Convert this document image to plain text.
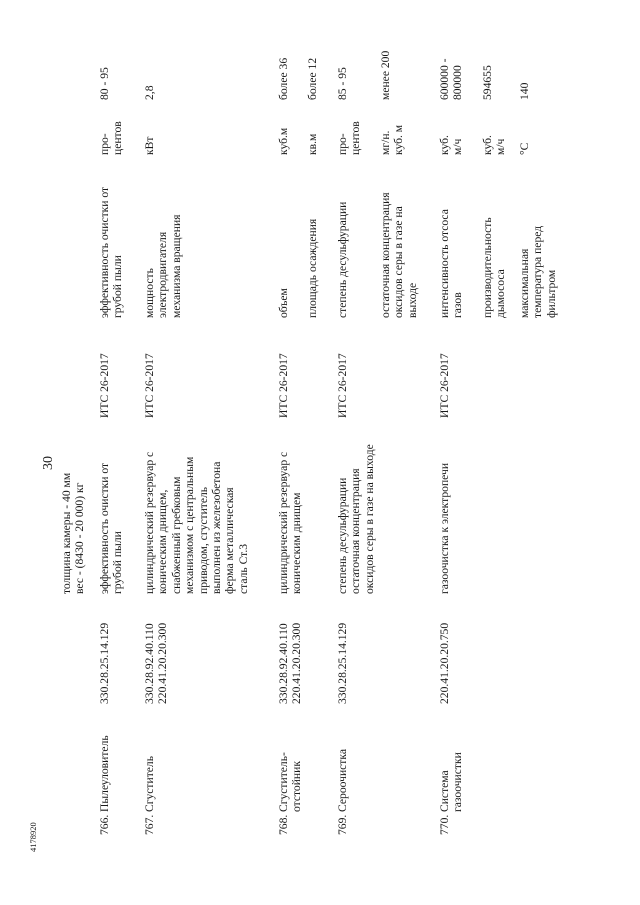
30
4178920
толщина камеры - 40 мм вес - (8430 - 20 000) кг
766.
Пылеуловитель
330.28.25.14.129
эффективность очистки от грубой пыли
ИТС 26-2017
эффективность очистки от грубой пыли
про- центов
80 - 95
767.
Сгуститель
330.28.92.40.110 220.41.20.20.300
цилиндрический резервуар с коническим днищем, снабженный гребковым механизмом с центральным приводом, сгуститель выполнен из железобетона ферма металлическая сталь Ст.3
ИТС 26-2017
мощность электродвигателя механизма вращения
кВт
2,8
768.
Сгуститель- отстойник
330.28.92.40.110 220.41.20.20.300
цилиндрический резервуар с коническим днищем
ИТС 26-2017
объем
куб.м
более 36
площадь осаждения
кв.м
более 12
769.
Сероочистка
330.28.25.14.129
степень десульфурации остаточная концентрация оксидов серы в газе на выходе
ИТС 26-2017
степень десульфурации
про- центов
85 - 95
остаточная концентрация оксидов серы в газе на выходе
мг/н. куб. м
менее 200
770.
Система газоочистки
220.41.20.20.750
газоочистка к электропечи
ИТС 26-2017
интенсивность отсоса газов
куб. м/ч
600000 - 800000
производительность дымососа
куб. м/ч
594655
максимальная температура перед фильтром
°С
140
